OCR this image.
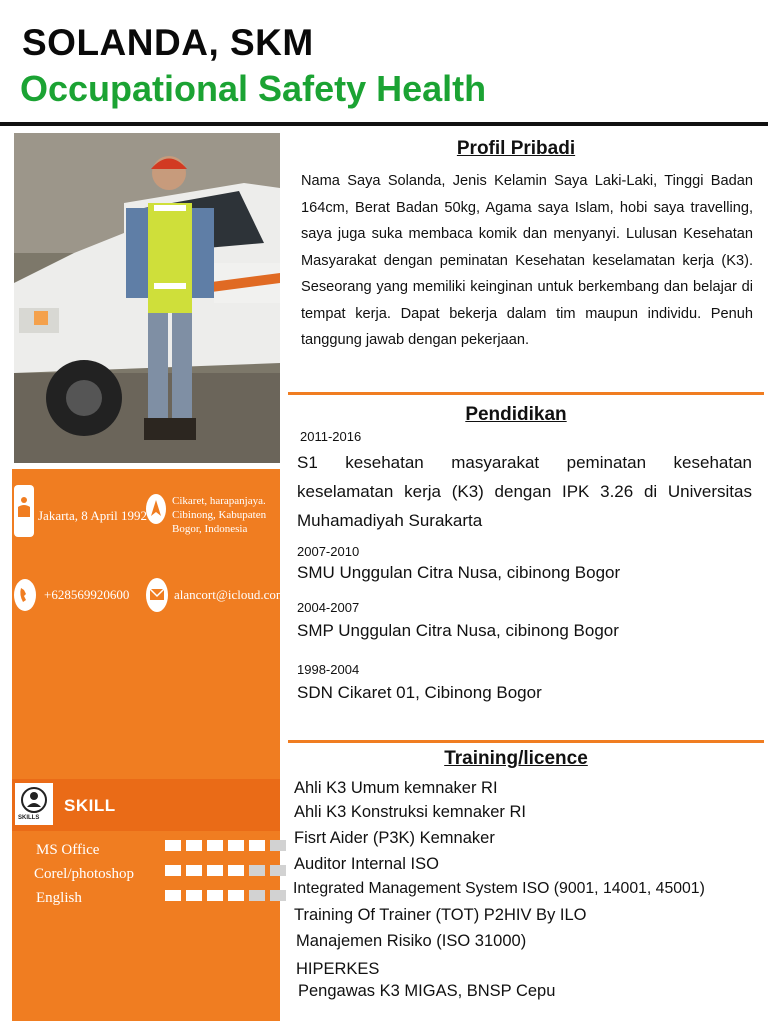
SOLANDA, SKM
Occupational Safety Health
Jakarta, 8 April 1992
Cikaret, harapanjaya. Cibinong, Kabupaten Bogor, Indonesia
+628569920600	alancort@icloud.com
SKILLS
SKILL
MS Office
Corel/photoshop
English
Profil Pribadi
Nama Saya Solanda, Jenis Kelamin Saya Laki-Laki, Tinggi Badan 164cm, Berat Badan 50kg, Agama saya Islam, hobi saya travelling, saya juga suka membaca komik dan menyanyi. Lulusan Kesehatan Masyarakat dengan peminatan Kesehatan keselamatan kerja (K3). Seseorang yang memiliki keinginan untuk berkembang dan belajar di tempat kerja. Dapat bekerja dalam tim maupun individu. Penuh tanggung jawab dengan pekerjaan.
Pendidikan
2011-2016
S1 kesehatan masyarakat peminatan kesehatan keselamatan kerja (K3) dengan IPK 3.26 di Universitas Muhamadiyah Surakarta
2007-2010
SMU Unggulan Citra Nusa, cibinong Bogor
2004-2007
SMP Unggulan Citra Nusa, cibinong Bogor
1998-2004
SDN Cikaret 01, Cibinong Bogor
Training/licence
Ahli K3 Umum kemnaker RI
Ahli K3 Konstruksi kemnaker RI
Fisrt Aider (P3K) Kemnaker
Auditor Internal ISO
Integrated Management System ISO (9001, 14001, 45001)
Training Of Trainer (TOT) P2HIV By ILO
Manajemen Risiko (ISO 31000)
HIPERKES
Pengawas K3 MIGAS, BNSP Cepu
